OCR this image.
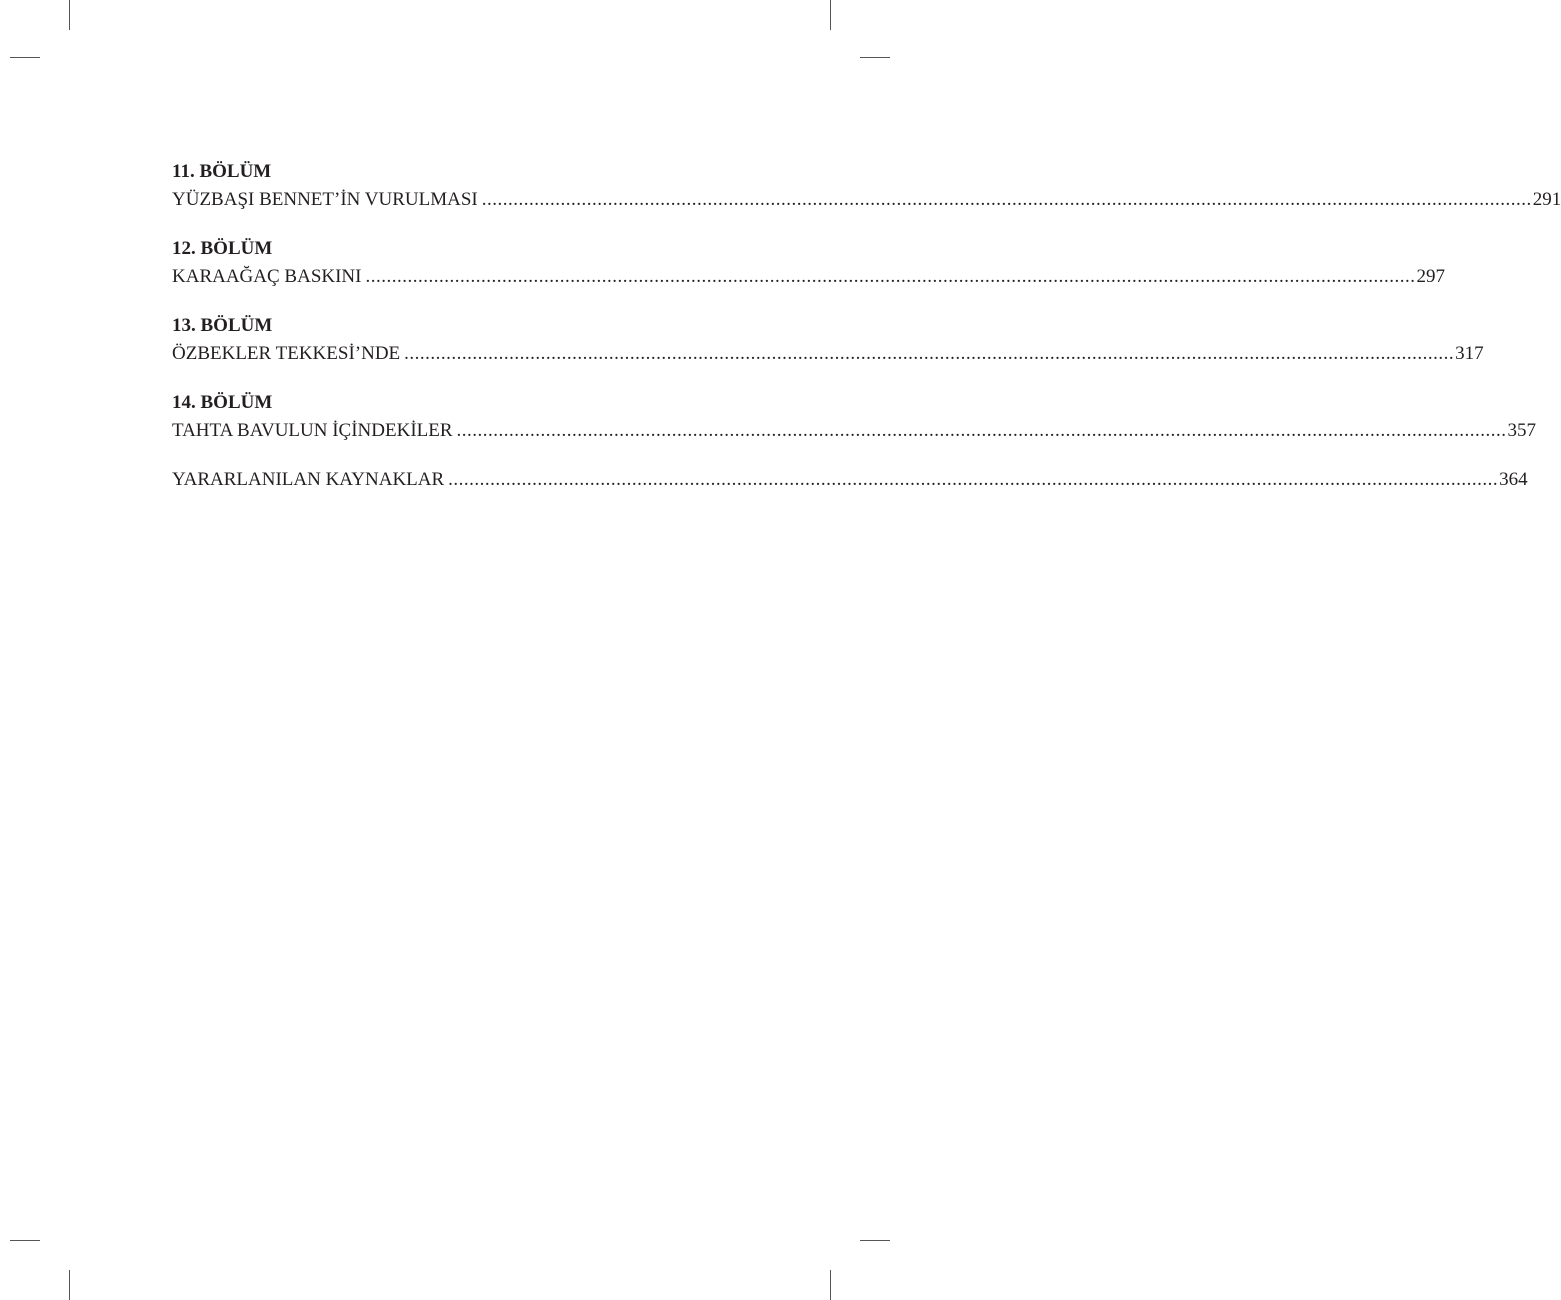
11. BÖLÜM
YÜZBAŞI BENNET’İN VURULMASI ........................................................................................................................................................................................................ 291
12. BÖLÜM
KARAAĞAÇ BASKINI ........................................................................................................................................................................................................ 297
13. BÖLÜM
ÖZBEKLER TEKKESİ’NDE ........................................................................................................................................................................................................ 317
14. BÖLÜM
TAHTA BAVULUN İÇİNDEKİLER ........................................................................................................................................................................................................ 357
YARARLANILAN KAYNAKLAR ........................................................................................................................................................................................................ 364
